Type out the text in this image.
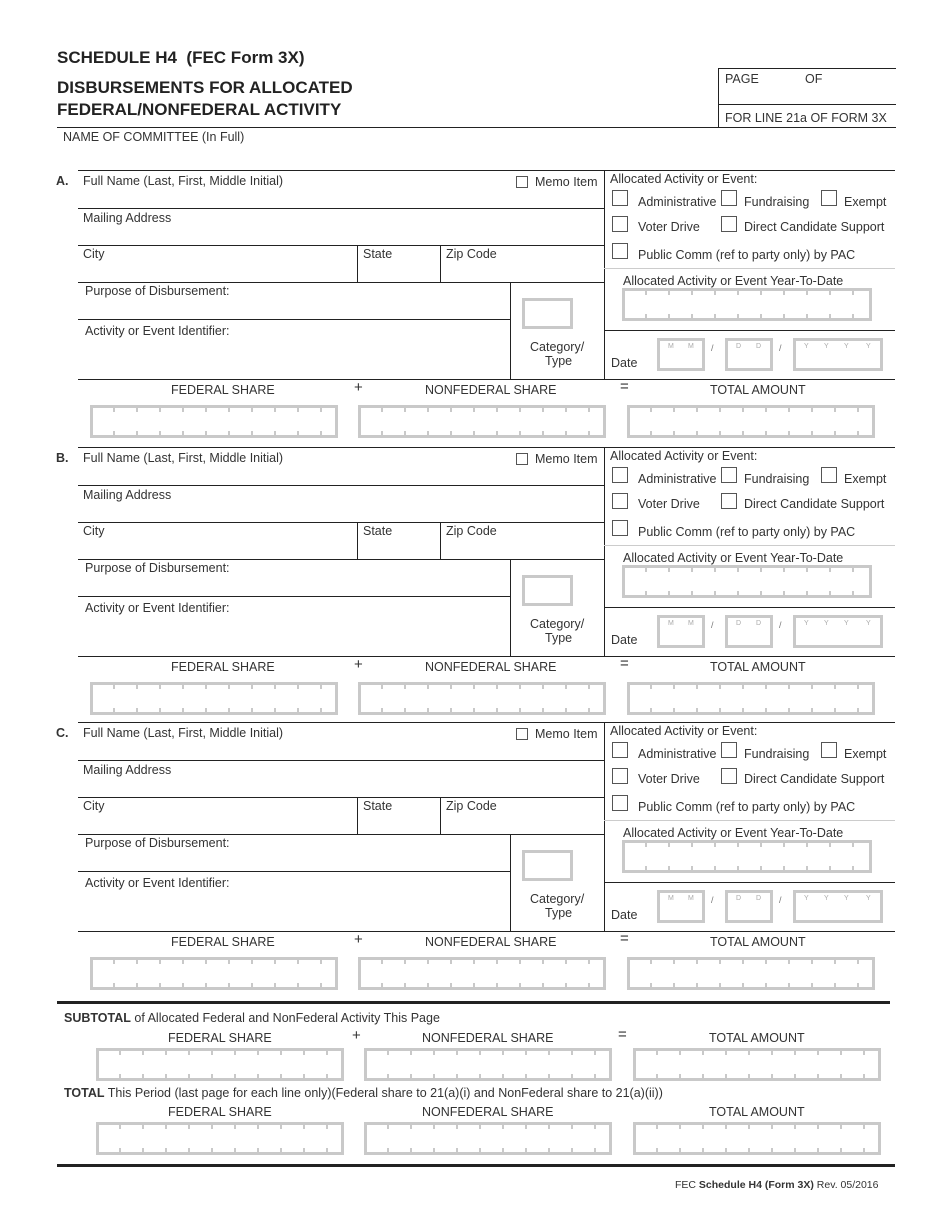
SCHEDULE H4 (FEC Form 3X)
DISBURSEMENTS FOR ALLOCATED
FEDERAL/NONFEDERAL ACTIVITY
PAGE	OF
FOR LINE 21a OF FORM 3X
NAME OF COMMITTEE (In Full)
A. Full Name (Last, First, Middle Initial)	Memo Item
Mailing Address
City	State	Zip Code
Purpose of Disbursement:
Activity or Event Identifier:
Category/
Type
Allocated Activity or Event:
Administrative Fundraising	Exempt
Voter Drive	Direct Candidate Support
Public Comm (ref to party only) by PAC
Allocated Activity or Event Year-To-Date
Date
M M /	D D /	Y Y Y Y
FEDERAL SHARE	+	NONFEDERAL SHARE	=	TOTAL AMOUNT
B. Full Name (Last, First, Middle Initial)	Memo Item
Mailing Address
City	State	Zip Code
Purpose of Disbursement:
Activity or Event Identifier:
Category/
Type
Allocated Activity or Event:
Administrative Fundraising	Exempt
Voter Drive	Direct Candidate Support
Public Comm (ref to party only) by PAC
Allocated Activity or Event Year-To-Date
Date
M M /	D D /	Y Y Y Y
FEDERAL SHARE	+	NONFEDERAL SHARE	=	TOTAL AMOUNT
C. Full Name (Last, First, Middle Initial)	Memo Item
Mailing Address
City	State	Zip Code
Purpose of Disbursement:
Activity or Event Identifier:
Category/
Type
Allocated Activity or Event:
Administrative Fundraising	Exempt
Voter Drive	Direct Candidate Support
Public Comm (ref to party only) by PAC
Allocated Activity or Event Year-To-Date
Date
M M /	D D /	Y Y Y Y
FEDERAL SHARE	+	NONFEDERAL SHARE	=	TOTAL AMOUNT
SUBTOTAL of Allocated Federal and NonFederal Activity This Page
FEDERAL SHARE	+	NONFEDERAL SHARE	=	TOTAL AMOUNT
TOTAL This Period (last page for each line only)(Federal share to 21(a)(i) and NonFederal share to 21(a)(ii))
FEDERAL SHARE	NONFEDERAL SHARE	TOTAL AMOUNT
FEC Schedule H4 (Form 3X) Rev. 05/2016
